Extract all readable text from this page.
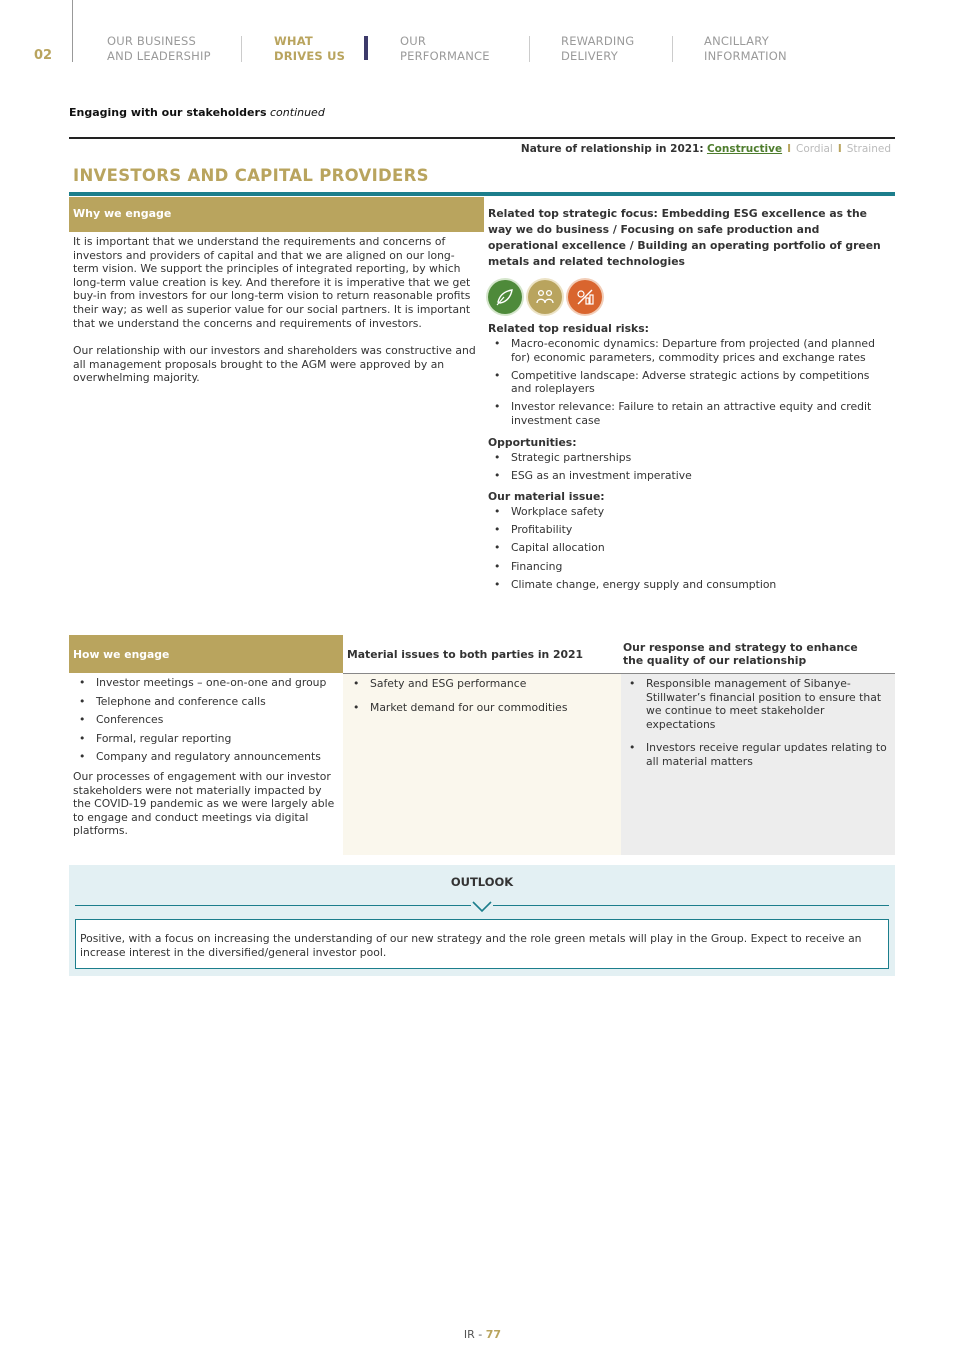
02
OUR BUSINESS
AND LEADERSHIP
WHAT
DRIVES US
OUR
PERFORMANCE
REWARDING
DELIVERY
ANCILLARY
INFORMATION
Engaging with our stakeholders continued
Nature of relationship in 2021: Constructive I Cordial I Strained
INVESTORS AND CAPITAL PROVIDERS
Why we engage

It is important that we understand the requirements and concerns of investors and providers of capital and that we are aligned on our long-term vision. We support the principles of integrated reporting, by which long-term value creation is key. And therefore it is imperative that we get buy-in from investors for our long-term vision to return reasonable profits their way; as well as superior value for our social partners. It is important that we understand the concerns and requirements of investors.

Our relationship with our investors and shareholders was constructive and all management proposals brought to the AGM were approved by an overwhelming majority.

Related top strategic focus: Embedding ESG excellence as the way we do business / Focusing on safe production and operational excellence / Building an operating portfolio of green metals and related technologies
Related top residual risks:
• Macro-economic dynamics: Departure from projected (and planned for) economic parameters, commodity prices and exchange rates
• Competitive landscape: Adverse strategic actions by competitions and roleplayers
• Investor relevance: Failure to retain an attractive equity and credit investment case
Opportunities:
• Strategic partnerships
• ESG as an investment imperative
Our material issue:
• Workplace safety
• Profitability
• Capital allocation
• Financing
• Climate change, energy supply and consumption
How we engage	Material issues to both parties in 2021
Our response and strategy to enhance
the quality of our relationship
• Investor meetings – one-on-one and group
• Telephone and conference calls
• Conferences
• Formal, regular reporting
• Company and regulatory announcements

Our processes of engagement with our investor stakeholders were not materially impacted by the COVID-19 pandemic as we were largely able to engage and conduct meetings via digital platforms.

• Safety and ESG performance
• Market demand for our commodities
• Responsible management of Sibanye-Stillwater’s financial position to ensure that we continue to meet stakeholder expectations
• Investors receive regular updates relating to all material matters
OUTLOOK
Positive, with a focus on increasing the understanding of our new strategy and the role green metals will play in the Group. Expect to receive an increase interest in the diversified/general investor pool.
IR - 77
